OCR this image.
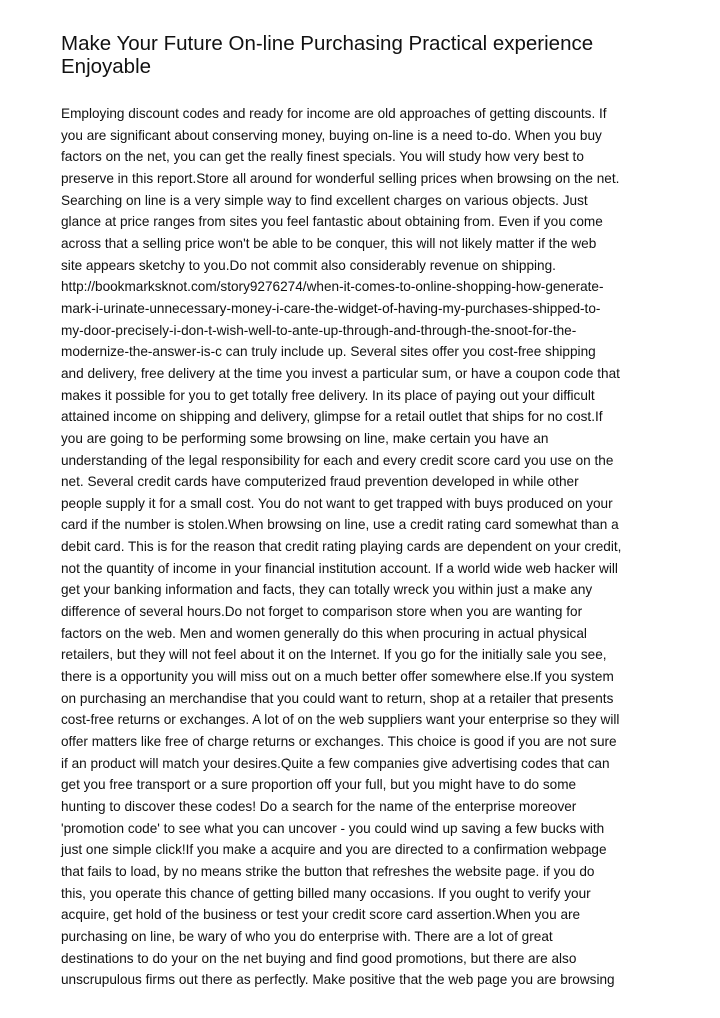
Make Your Future On-line Purchasing Practical experience
Enjoyable

Employing discount codes and ready for income are old approaches of getting discounts. If
you are significant about conserving money, buying on-line is a need to-do. When you buy
factors on the net, you can get the really finest specials. You will study how very best to
preserve in this report.Store all around for wonderful selling prices when browsing on the net.
Searching on line is a very simple way to find excellent charges on various objects. Just
glance at price ranges from sites you feel fantastic about obtaining from. Even if you come
across that a selling price won't be able to be conquer, this will not likely matter if the web
site appears sketchy to you.Do not commit also considerably revenue on shipping.
http://bookmarksknot.com/story9276274/when-it-comes-to-online-shopping-how-generate-
mark-i-urinate-unnecessary-money-i-care-the-widget-of-having-my-purchases-shipped-to-
my-door-precisely-i-don-t-wish-well-to-ante-up-through-and-through-the-snoot-for-the-
modernize-the-answer-is-c can truly include up. Several sites offer you cost-free shipping
and delivery, free delivery at the time you invest a particular sum, or have a coupon code that
makes it possible for you to get totally free delivery. In its place of paying out your difficult
attained income on shipping and delivery, glimpse for a retail outlet that ships for no cost.If
you are going to be performing some browsing on line, make certain you have an
understanding of the legal responsibility for each and every credit score card you use on the
net. Several credit cards have computerized fraud prevention developed in while other
people supply it for a small cost. You do not want to get trapped with buys produced on your
card if the number is stolen.When browsing on line, use a credit rating card somewhat than a
debit card. This is for the reason that credit rating playing cards are dependent on your credit,
not the quantity of income in your financial institution account. If a world wide web hacker will
get your banking information and facts, they can totally wreck you within just a make any
difference of several hours.Do not forget to comparison store when you are wanting for
factors on the web. Men and women generally do this when procuring in actual physical
retailers, but they will not feel about it on the Internet. If you go for the initially sale you see,
there is a opportunity you will miss out on a much better offer somewhere else.If you system
on purchasing an merchandise that you could want to return, shop at a retailer that presents
cost-free returns or exchanges. A lot of on the web suppliers want your enterprise so they will
offer matters like free of charge returns or exchanges. This choice is good if you are not sure
if an product will match your desires.Quite a few companies give advertising codes that can
get you free transport or a sure proportion off your full, but you might have to do some
hunting to discover these codes! Do a search for the name of the enterprise moreover
'promotion code' to see what you can uncover - you could wind up saving a few bucks with
just one simple click!If you make a acquire and you are directed to a confirmation webpage
that fails to load, by no means strike the button that refreshes the website page. if you do
this, you operate this chance of getting billed many occasions. If you ought to verify your
acquire, get hold of the business or test your credit score card assertion.When you are
purchasing on line, be wary of who you do enterprise with. There are a lot of great
destinations to do your on the net buying and find good promotions, but there are also
unscrupulous firms out there as perfectly. Make positive that the web page you are browsing
